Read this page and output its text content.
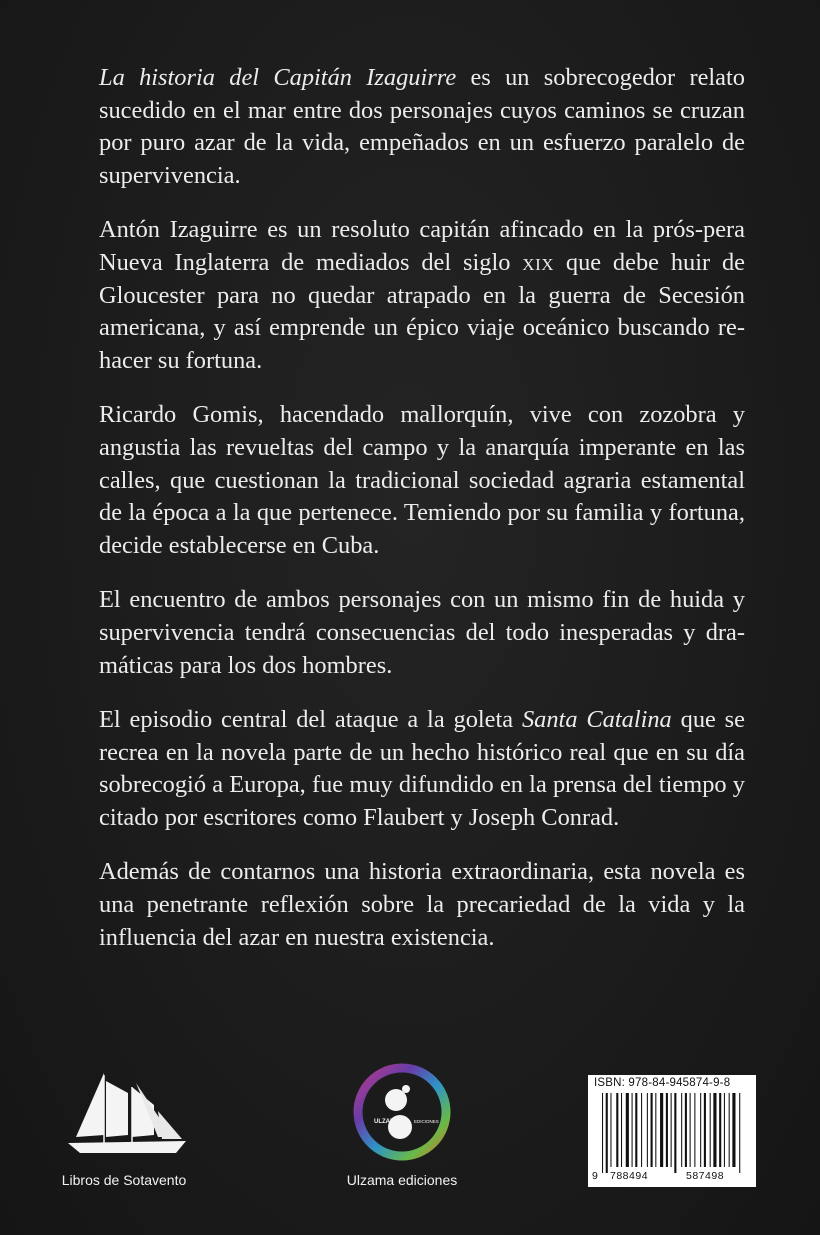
La historia del Capitán Izaguirre es un sobrecogedor relato sucedido en el mar entre dos personajes cuyos caminos se cruzan por puro azar de la vida, empeñados en un esfuerzo paralelo de supervivencia.

Antón Izaguirre es un resoluto capitán afincado en la prós-pera Nueva Inglaterra de mediados del siglo xix que debe huir de Gloucester para no quedar atrapado en la guerra de Secesión americana, y así emprende un épico viaje oceánico buscando re-hacer su fortuna.

Ricardo Gomis, hacendado mallorquín, vive con zozobra y angustia las revueltas del campo y la anarquía imperante en las calles, que cuestionan la tradicional sociedad agraria estamental de la época a la que pertenece. Temiendo por su familia y fortuna, decide establecerse en Cuba.

El encuentro de ambos personajes con un mismo fin de huida y supervivencia tendrá consecuencias del todo inesperadas y dra-máticas para los dos hombres.

El episodio central del ataque a la goleta Santa Catalina que se recrea en la novela parte de un hecho histórico real que en su día sobrecogió a Europa, fue muy difundido en la prensa del tiempo y citado por escritores como Flaubert y Joseph Conrad.

Además de contarnos una historia extraordinaria, esta novela es una penetrante reflexión sobre la precariedad de la vida y la influencia del azar en nuestra existencia.

Libros de Sotavento
ULZAMA	EDICIONES
Ulzama ediciones
ISBN: 978-84-945874-9-8
9 788494	587498
